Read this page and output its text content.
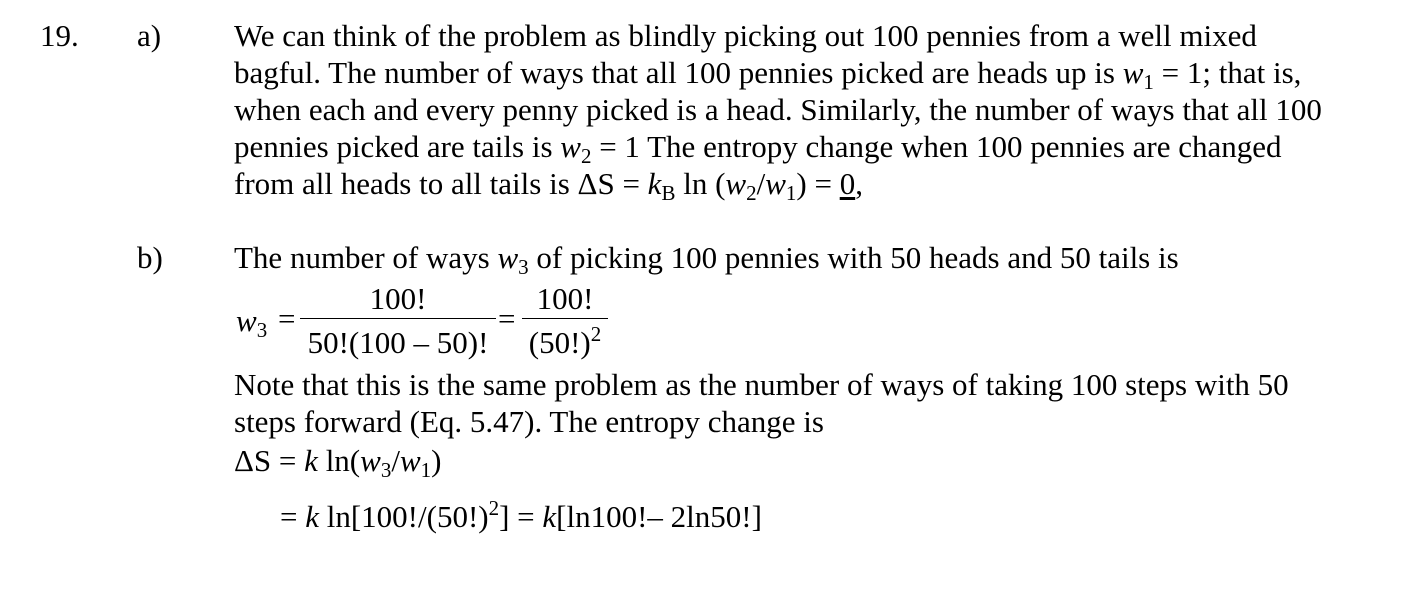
19. a) We can think of the problem as blindly picking out 100 pennies from a well mixed
bagful. The number of ways that all 100 pennies picked are heads up is $w_1 = 1$; that is,
when each and every penny picked is a head. Similarly, the number of ways that all 100
pennies picked are tails is $w_2 = 1$ The entropy change when 100 pennies are changed
from all heads to all tails is $\Delta S = k_B$ $\ln (w_2/w_1) = 0$,
b) The number of ways $w_3$ of picking 100 pennies with 50 heads and 50 tails is
$w_3$ =
100!
50!(100 – 50)!
=
100!
$(50!)^2$
Note that this is the same problem as the number of ways of taking 100 steps with 50
steps forward (Eq. 5.47). The entropy change is
ΔS = k $\ln(w_3/w_1)$
= k $\ln[100!/(50!)^2] = k[\ln 100!-$ 2ln50!]
